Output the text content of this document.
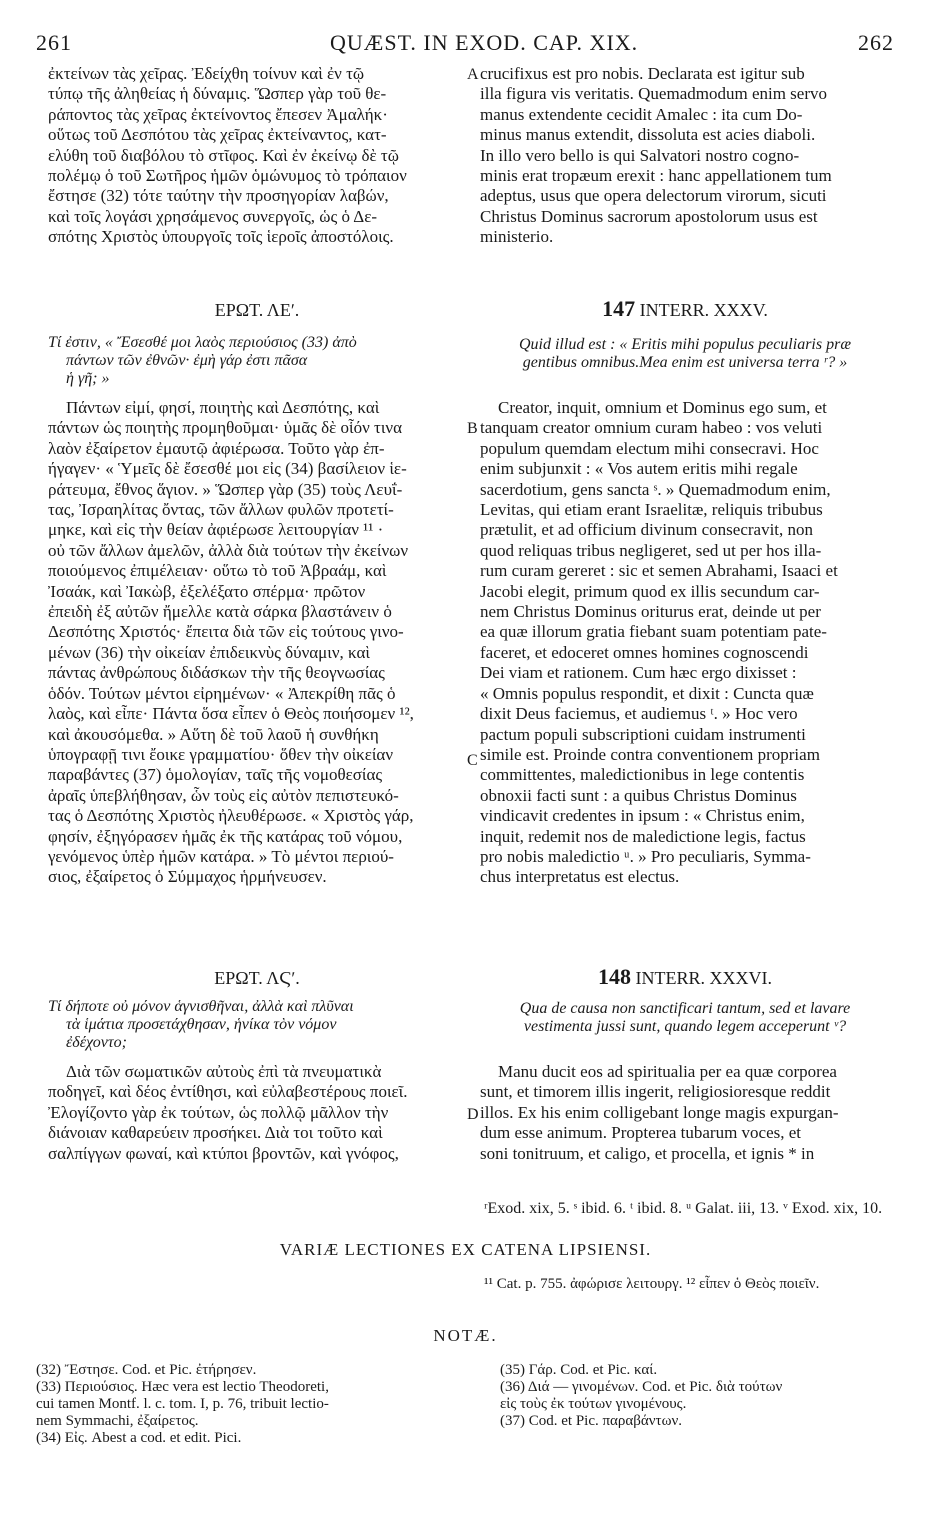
261	QUÆST. IN EXOD. CAP. XIX.	262

ἐκτείνων τὰς χεῖρας. Ἐδείχθη τοίνυν καὶ ἐν τῷ

τύπῳ τῆς ἀληθείας ἡ δύναμις. Ὥσπερ γὰρ τοῦ θε-

ράποντος τὰς χεῖρας ἐκτείνοντος ἔπεσεν Ἀμαλήκ·

οὕτως τοῦ Δεσπότου τὰς χεῖρας ἐκτείναντος, κατ-

ελύθη τοῦ διαβόλου τὸ στῖφος. Καὶ ἐν ἐκείνῳ δὲ τῷ

πολέμῳ ὁ τοῦ Σωτῆρος ἡμῶν ὁμώνυμος τὸ τρόπαιον

ἔστησε (32) τότε ταύτην τὴν προσηγορίαν λαβών,

καὶ τοῖς λογάσι χρησάμενος συνεργοῖς, ὡς ὁ Δε-

σπότης Χριστὸς ὑπουργοῖς τοῖς ἱεροῖς ἀποστόλοις.

crucifixus est pro nobis. Declarata est igitur sub

illa figura vis veritatis. Quemadmodum enim servo

manus extendente cecidit Amalec : ita cum Do-

minus manus extendit, dissoluta est acies diaboli.

In illo vero bello is qui Salvatori nostro cogno-

minis erat tropæum erexit : hanc appellationem tum

adeptus, usus que opera delectorum virorum, sicuti

Christus Dominus sacrorum apostolorum usus est

ministerio.

A
ΕΡΩΤ. ΛΕʹ.	147 INTERR. XXXV.

Τί ἐστιν, « Ἔσεσθέ μοι λαὸς περιούσιος (33) ἀπὸ

πάντων τῶν ἐθνῶν· ἐμὴ γάρ ἐστι πᾶσα

ἡ γῆ; »

Quid illud est : « Eritis mihi populus peculiaris præ

gentibus omnibus.Mea enim est universa terra ʳ? »

Πάντων εἰμί, φησί, ποιητὴς καὶ Δεσπότης, καὶ

πάντων ὡς ποιητὴς προμηθοῦμαι· ὑμᾶς δὲ οἷόν τινα

λαὸν ἐξαίρετον ἐμαυτῷ ἀφιέρωσα. Τοῦτο γὰρ ἐπ-

ήγαγεν· « Ὑμεῖς δὲ ἔσεσθέ μοι εἰς (34) βασίλειον ἱε-

ράτευμα, ἔθνος ἅγιον. » Ὥσπερ γὰρ (35) τοὺς Λευΐ-

τας, Ἰσραηλίτας ὄντας, τῶν ἄλλων φυλῶν προτετί-

μηκε, καὶ εἰς τὴν θείαν ἀφιέρωσε λειτουργίαν ¹¹ ·

οὐ τῶν ἄλλων ἀμελῶν, ἀλλὰ διὰ τούτων τὴν ἐκείνων

ποιούμενος ἐπιμέλειαν· οὕτω τὸ τοῦ Ἀβραάμ, καὶ

Ἰσαάκ, καὶ Ἰακὼβ, ἐξελέξατο σπέρμα· πρῶτον

ἐπειδὴ ἐξ αὐτῶν ἤμελλε κατὰ σάρκα βλαστάνειν ὁ

Δεσπότης Χριστός· ἔπειτα διὰ τῶν εἰς τούτους γινο-

μένων (36) τὴν οἰκείαν ἐπιδεικνὺς δύναμιν, καὶ

πάντας ἀνθρώπους διδάσκων τὴν τῆς θεογνωσίας

ὁδόν. Τούτων μέντοι εἰρημένων· « Ἀπεκρίθη πᾶς ὁ

λαὸς, καὶ εἶπε· Πάντα ὅσα εἶπεν ὁ Θεὸς ποιήσομεν ¹²,

καὶ ἀκουσόμεθα. » Αὕτη δὲ τοῦ λαοῦ ἡ συνθήκη

ὑπογραφῇ τινι ἔοικε γραμματίου· ὅθεν τὴν οἰκείαν

παραβάντες (37) ὁμολογίαν, ταῖς τῆς νομοθεσίας

ἀραῖς ὑπεβλήθησαν, ὧν τοὺς εἰς αὐτὸν πεπιστευκό-

τας ὁ Δεσπότης Χριστὸς ἠλευθέρωσε. « Χριστὸς γάρ,

φησίν, ἐξηγόρασεν ἡμᾶς ἐκ τῆς κατάρας τοῦ νόμου,

γενόμενος ὑπὲρ ἡμῶν κατάρα. » Τὸ μέντοι περιού-

σιος, ἐξαίρετος ὁ Σύμμαχος ἡρμήνευσεν.

Creator, inquit, omnium et Dominus ego sum, et

tanquam creator omnium curam habeo : vos veluti

populum quemdam electum mihi consecravi. Hoc

enim subjunxit : « Vos autem eritis mihi regale

sacerdotium, gens sancta ˢ. » Quemadmodum enim,

Levitas, qui etiam erant Israelitæ, reliquis tribubus

prætulit, et ad officium divinum consecravit, non

quod reliquas tribus negligeret, sed ut per hos illa-

rum curam gereret : sic et semen Abrahami, Isaaci et

Jacobi elegit, primum quod ex illis secundum car-

nem Christus Dominus oriturus erat, deinde ut per

ea quæ illorum gratia fiebant suam potentiam pate-

faceret, et edoceret omnes homines cognoscendi

Dei viam et rationem. Cum hæc ergo dixisset :

« Omnis populus respondit, et dixit : Cuncta quæ

dixit Deus faciemus, et audiemus ᵗ. » Hoc vero

pactum populi subscriptioni cuidam instrumenti

simile est. Proinde contra conventionem propriam

committentes, maledictionibus in lege contentis

obnoxii facti sunt : a quibus Christus Dominus

vindicavit credentes in ipsum : « Christus enim,

inquit, redemit nos de maledictione legis, factus

pro nobis maledictio ᵘ. » Pro peculiaris, Symma-

chus interpretatus est electus.

B
C
ΕΡΩΤ. ΛϚʹ.	148 INTERR. XXXVI.

Τί δήποτε οὐ μόνον ἁγνισθῆναι, ἀλλὰ καὶ πλῦναι

τὰ ἱμάτια προσετάχθησαν, ἡνίκα τὸν νόμον

ἐδέχοντο;

Qua de causa non sanctificari tantum, sed et lavare

vestimenta jussi sunt, quando legem acceperunt ᵛ?

Διὰ τῶν σωματικῶν αὐτοὺς ἐπὶ τὰ πνευματικὰ

ποδηγεῖ, καὶ δέος ἐντίθησι, καὶ εὐλαβεστέρους ποιεῖ.

Ἐλογίζοντο γὰρ ἐκ τούτων, ὡς πολλῷ μᾶλλον τὴν

διάνοιαν καθαρεύειν προσήκει. Διὰ τοι τοῦτο καὶ

σαλπίγγων φωναί, καὶ κτύποι βροντῶν, καὶ γνόφος,

Manu ducit eos ad spiritualia per ea quæ corporea

sunt, et timorem illis ingerit, religiosioresque reddit

illos. Ex his enim colligebant longe magis expurgan-

dum esse animum. Propterea tubarum voces, et

soni tonitruum, et caligo, et procella, et ignis * in

D
ʳExod. xix, 5. ˢ ibid. 6. ᵗ ibid. 8. ᵘ Galat. iii, 13. ᵛ Exod. xix, 10.
VARIÆ LECTIONES EX CATENA LIPSIENSI.
¹¹ Cat. p. 755. ἀφώρισε λειτουργ. ¹² εἶπεν ὁ Θεὸς ποιεῖν.
NOTÆ.
(32) Ἔστησε. Cod. et Pic. ἐτήρησεν.
(33) Περιούσιος. Hæc vera est lectio Theodoreti,
cui tamen Montf. l. c. tom. I, p. 76, tribuit lectio-
nem Symmachi, ἐξαίρετος.
(34) Εἰς. Abest a cod. et edit. Pici.
(35) Γάρ. Cod. et Pic. καί.
(36) Διά — γινομένων. Cod. et Pic. διὰ τούτων
εἰς τοὺς ἐκ τούτων γινομένους.
(37) Cod. et Pic. παραβάντων.
